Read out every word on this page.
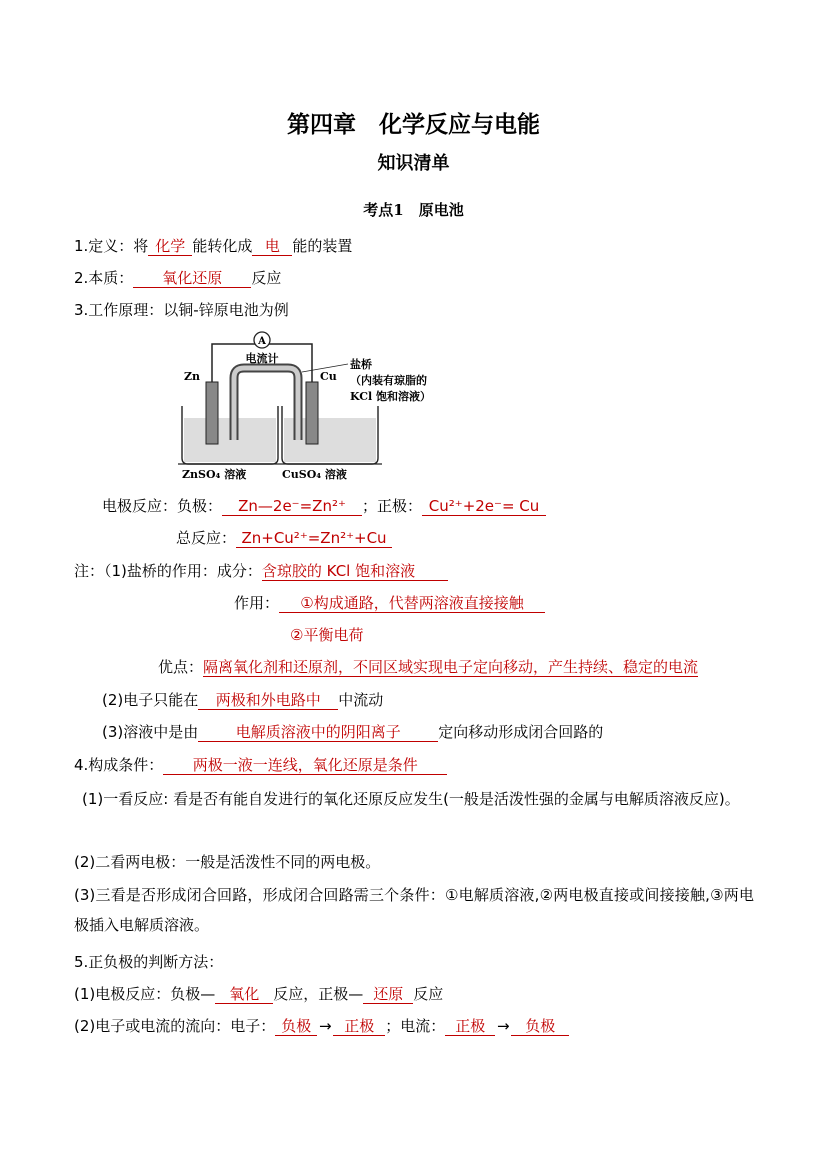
第四章　化学反应与电能
知识清单
考点1　原电池
1.定义：将 化学 能转化成 电 能的装置
2.本质： 氧化还原 反应
3.工作原理：以铜-锌原电池为例
A
电流计
Zn	Cu
盐桥
（内装有琼脂的
KCl 饱和溶液）
ZnSO₄ 溶液	CuSO₄ 溶液
电极反应：负极： Zn—2e⁻=Zn²⁺ ；正极： Cu²⁺+2e⁻= Cu
总反应： Zn+Cu²⁺=Zn²⁺+Cu
注：（1)盐桥的作用：成分：含琼胶的 KCl 饱和溶液
作用： ①构成通路，代替两溶液直接接触
②平衡电荷
优点：隔离氧化剂和还原剂，不同区域实现电子定向移动，产生持续、稳定的电流
(2)电子只能在 两极和外电路中 中流动
(3)溶液中是由 电解质溶液中的阴阳离子	定向移动形成闭合回路的
4.构成条件： 两极一液一连线，氧化还原是条件
(1)一看反应: 看是否有能自发进行的氧化还原反应发生(一般是活泼性强的金属与电解质溶液反应)。
(2)二看两电极：一般是活泼性不同的两电极。
(3)三看是否形成闭合回路，形成闭合回路需三个条件：①电解质溶液,②两电极直接或间接接触,③两电极插入电解质溶液。
5.正负极的判断方法：
(1)电极反应：负极— 氧化 反应，正极— 还原 反应
(2)电子或电流的流向：电子： 负极 → 正极 ；电流： 正极 → 负极
